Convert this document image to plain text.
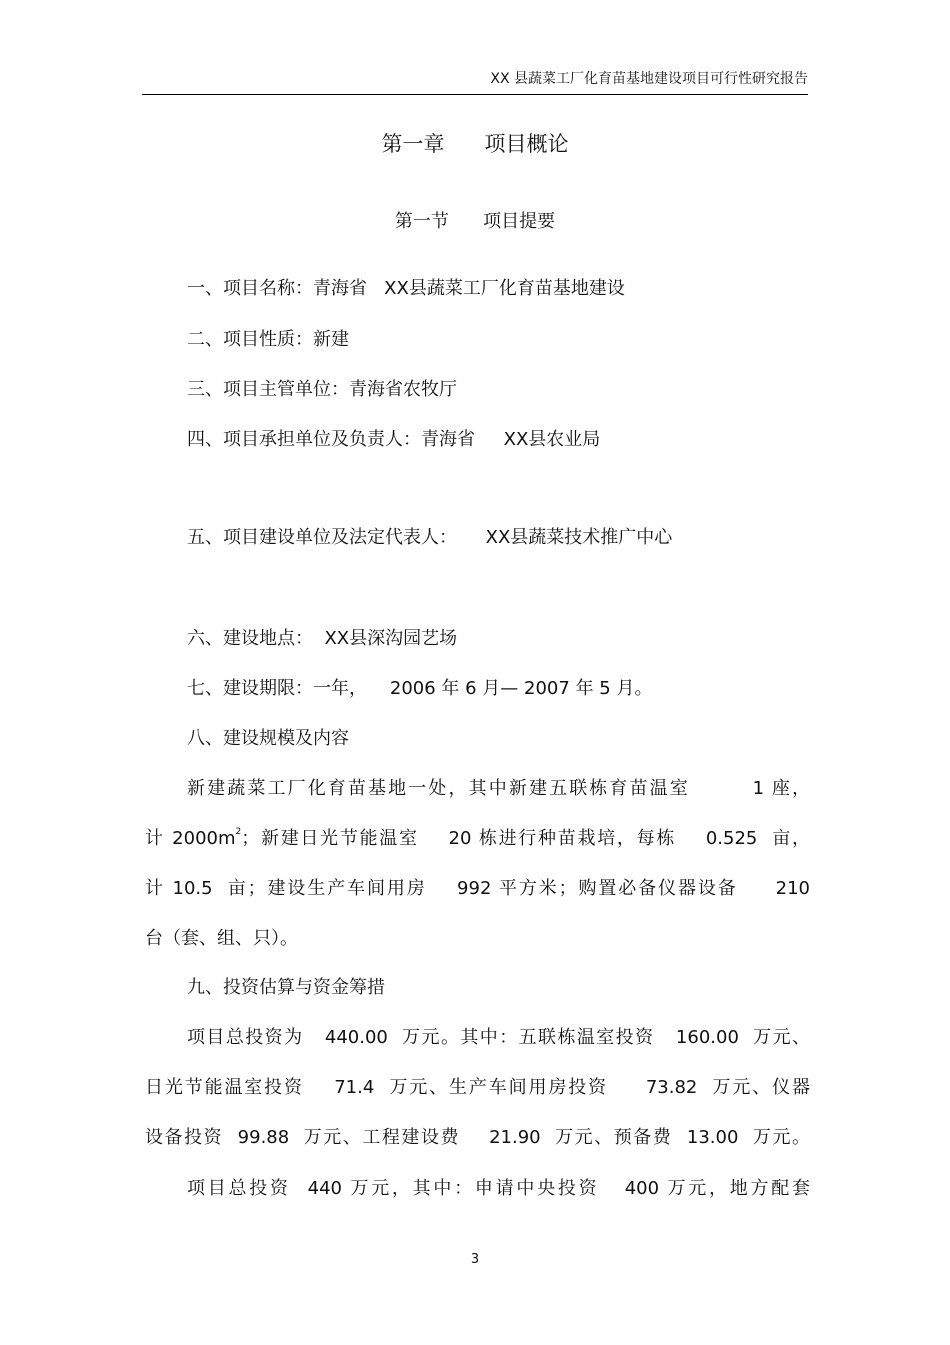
XX 县蔬菜工厂化育苗基地建设项目可行性研究报告
第一章      项目概论
第一节      项目提要
一、项目名称：青海省   XX县蔬菜工厂化育苗基地建设
二、项目性质：新建
三、项目主管单位：青海省农牧厅
四、项目承担单位及负责人：青海省     XX县农业局
五、项目建设单位及法定代表人：     XX县蔬菜技术推广中心
六、建设地点：  XX县深沟园艺场
七、建设期限：一年，    2006 年 6 月— 2007 年 5 月。
八、建设规模及内容
新建蔬菜工厂化育苗基地一处，其中新建五联栋育苗温室        1 座，
计 $2000m^2$；新建日光节能温室    20 栋进行种苗栽培，每栋    0.525  亩，
计 10.5  亩；建设生产车间用房    992 平方米；购置必备仪器设备     210
台（套、组、只）。
九、投资估算与资金筹措
项目总投资为   440.00  万元。其中：五联栋温室投资   160.00  万元、
日光节能温室投资    71.4  万元、生产车间用房投资     73.82  万元、仪器
设备投资  99.88  万元、工程建设费    21.90  万元、预备费  13.00  万元。
项目总投资  440 万元，其中：申请中央投资   400 万元，地方配套
3
